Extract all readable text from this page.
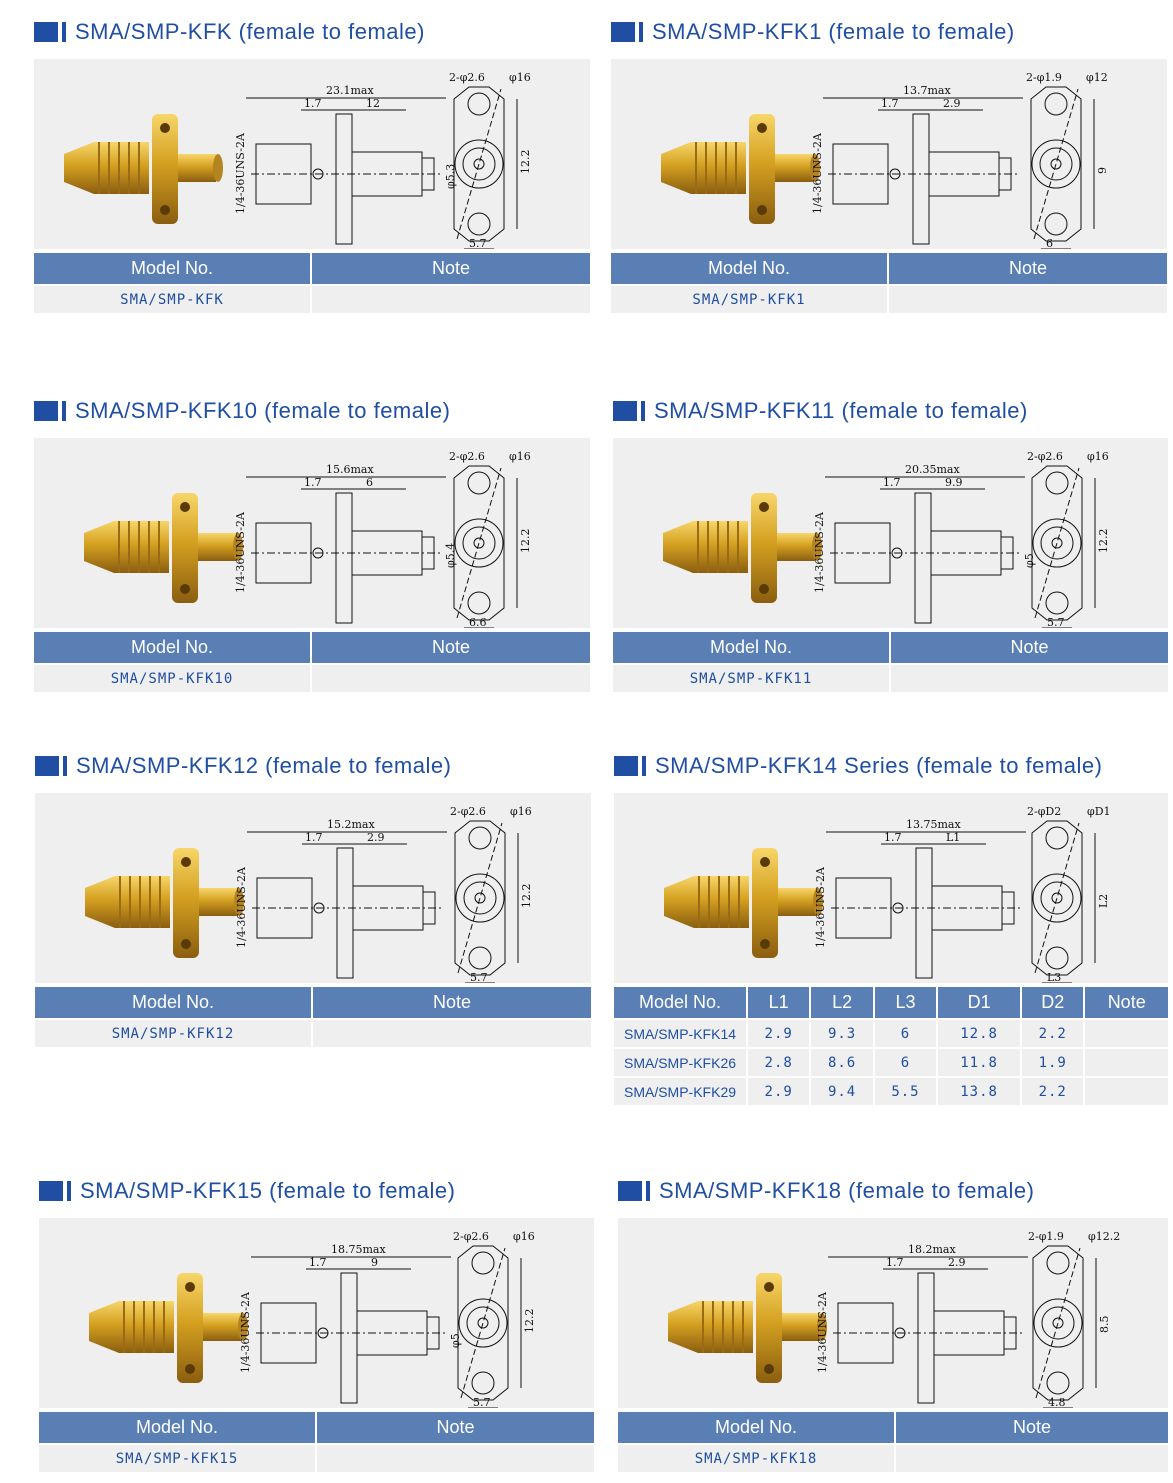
SMA/SMP-KFK (female to female)
23.1max
1.7	12
1/4-36UNS-2A	φ5.3
2-φ2.6 φ16
12.2
5.7
Model No.	Note
SMA/SMP-KFK	
SMA/SMP-KFK1 (female to female)
13.7max
1.7	2.9
1/4-36UNS-2A
2-φ1.9 φ12
9
6
Model No.	Note
SMA/SMP-KFK1	
SMA/SMP-KFK10 (female to female)
15.6max
1.7	6
1/4-36UNS-2A	φ5.4
2-φ2.6 φ16
12.2
6.6
Model No.	Note
SMA/SMP-KFK10	
SMA/SMP-KFK11 (female to female)
20.35max
1.7	9.9
1/4-36UNS-2A	φ5
2-φ2.6 φ16
12.2
5.7
Model No.	Note
SMA/SMP-KFK11	
SMA/SMP-KFK12 (female to female)
15.2max
1.7	2.9
1/4-36UNS-2A
2-φ2.6 φ16
12.2
5.7
Model No.	Note
SMA/SMP-KFK12	
SMA/SMP-KFK14 Series (female to female)
13.75max
1.7	L1
1/4-36UNS-2A
2-φD2 φD1
L2
L3
Model No.	L1	L2	L3	D1	D2	Note
SMA/SMP-KFK14	2.9	9.3	6	12.8	2.2	
SMA/SMP-KFK26	2.8	8.6	6	11.8	1.9	
SMA/SMP-KFK29	2.9	9.4	5.5	13.8	2.2	
SMA/SMP-KFK15 (female to female)
18.75max
1.7	9
1/4-36UNS-2A	φ5
2-φ2.6 φ16
12.2
5.7
Model No.	Note
SMA/SMP-KFK15	
SMA/SMP-KFK18 (female to female)
18.2max
1.7	2.9
1/4-36UNS-2A
2-φ1.9 φ12.2
8.5
4.8
Model No.	Note
SMA/SMP-KFK18	
